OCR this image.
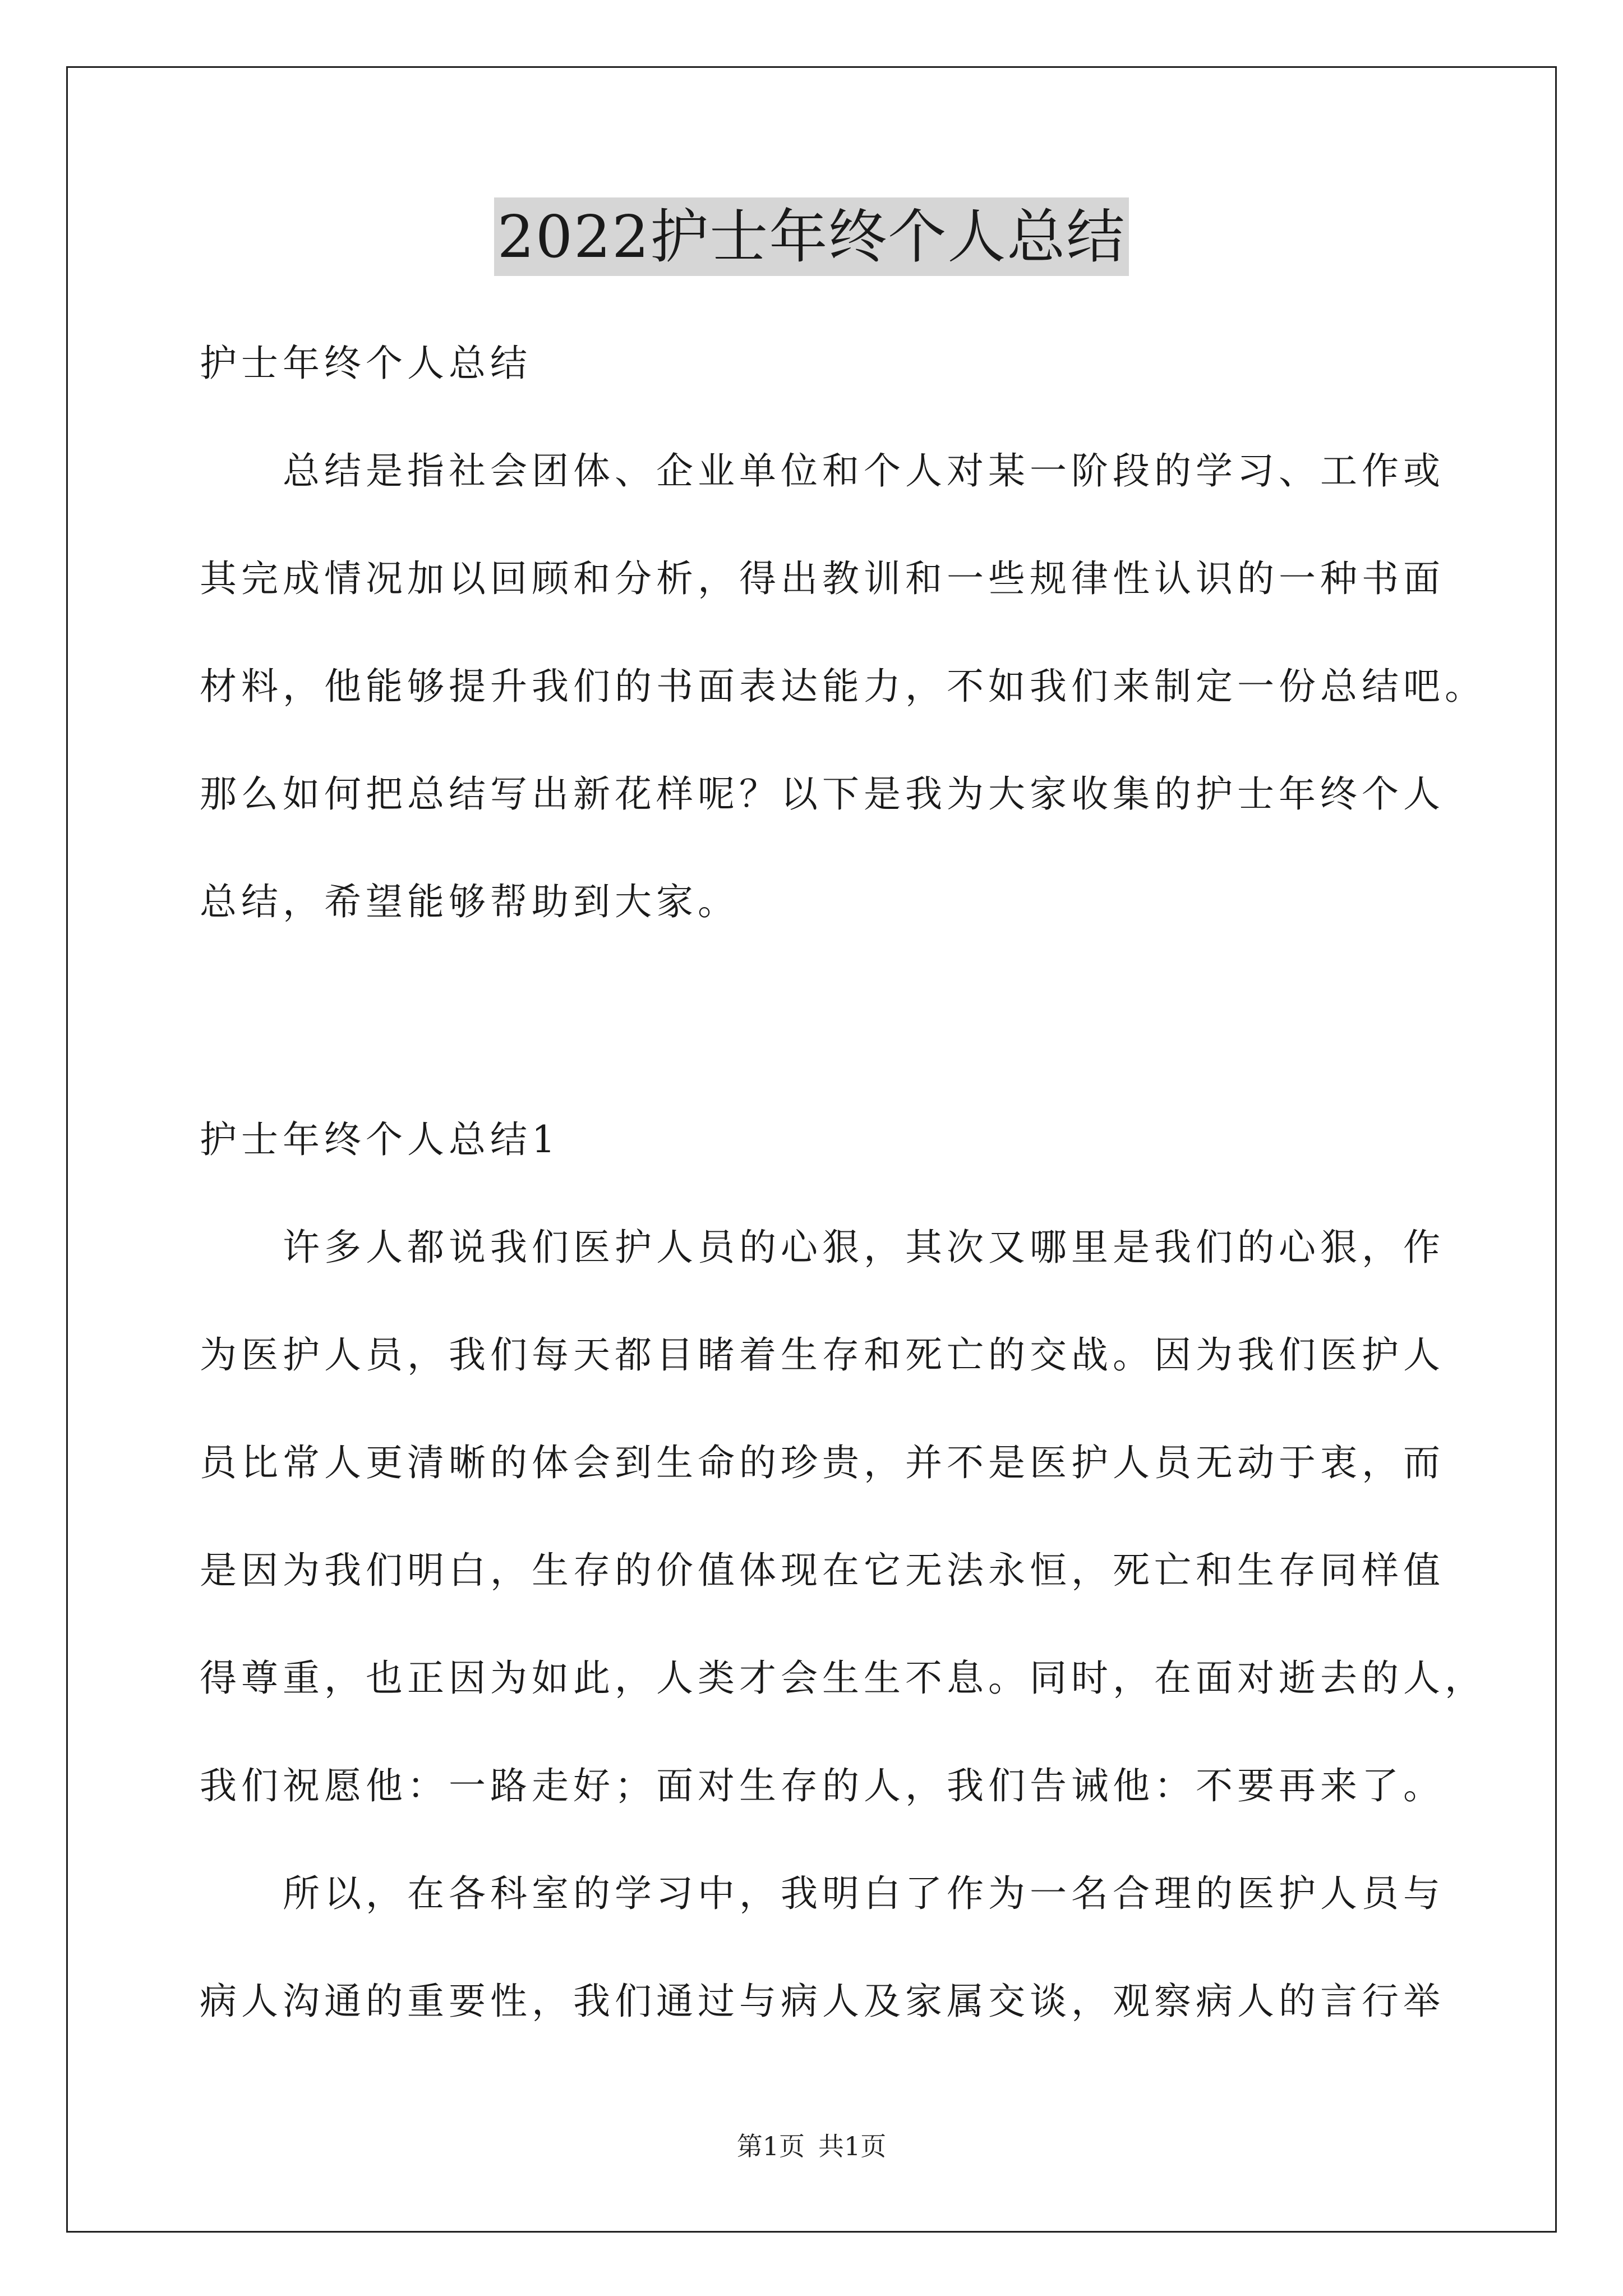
2022护士年终个人总结
护士年终个人总结
总结是指社会团体、企业单位和个人对某一阶段的学习、工作或
其完成情况加以回顾和分析，得出教训和一些规律性认识的一种书面
材料，他能够提升我们的书面表达能力，不如我们来制定一份总结吧。
那么如何把总结写出新花样呢？以下是我为大家收集的护士年终个人
总结，希望能够帮助到大家。
护士年终个人总结1
许多人都说我们医护人员的心狠，其次又哪里是我们的心狠，作
为医护人员，我们每天都目睹着生存和死亡的交战。因为我们医护人
员比常人更清晰的体会到生命的珍贵，并不是医护人员无动于衷，而
是因为我们明白，生存的价值体现在它无法永恒，死亡和生存同样值
得尊重，也正因为如此，人类才会生生不息。同时，在面对逝去的人，
我们祝愿他：一路走好；面对生存的人，我们告诫他：不要再来了。
所以，在各科室的学习中，我明白了作为一名合理的医护人员与
病人沟通的重要性，我们通过与病人及家属交谈，观察病人的言行举
第1页 共1页
